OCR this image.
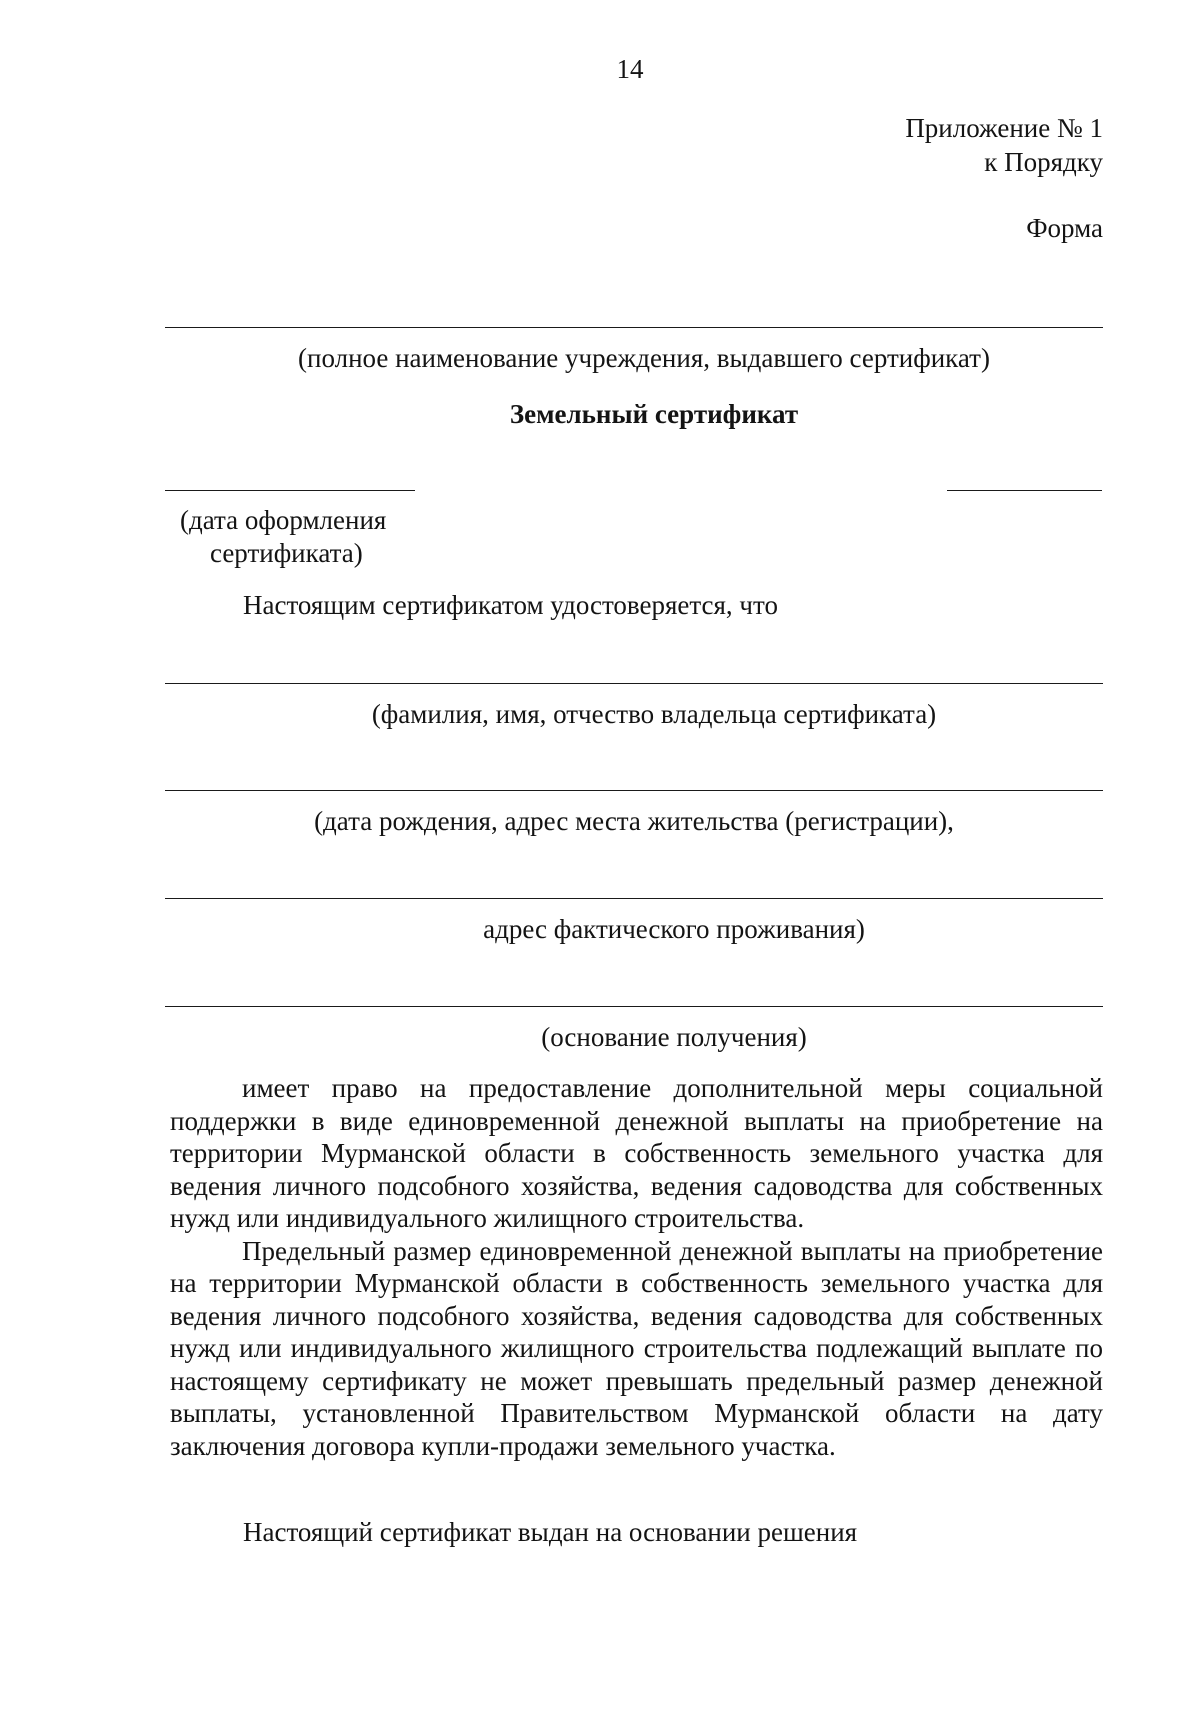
14
Приложение № 1
к Порядку
Форма
(полное наименование учреждения, выдавшего сертификат)
Земельный сертификат
(дата оформления
сертификата)
Настоящим сертификатом удостоверяется, что
(фамилия, имя, отчество владельца сертификата)
(дата рождения, адрес места жительства (регистрации),
адрес фактического проживания)
(основание получения)

имеет право на предоставление дополнительной меры социальной поддержки в виде единовременной денежной выплаты на приобретение на территории Мурманской области в собственность земельного участка для ведения личного подсобного хозяйства, ведения садоводства для собственных нужд или индивидуального жилищного строительства.

Предельный размер единовременной денежной выплаты на приобретение на территории Мурманской области в собственность земельного участка для ведения личного подсобного хозяйства, ведения садоводства для собственных нужд или индивидуального жилищного строительства подлежащий выплате по настоящему сертификату не может превышать предельный размер денежной выплаты, установленной Правительством Мурманской области на дату заключения договора купли-продажи земельного участка.

Настоящий сертификат выдан на основании решения
